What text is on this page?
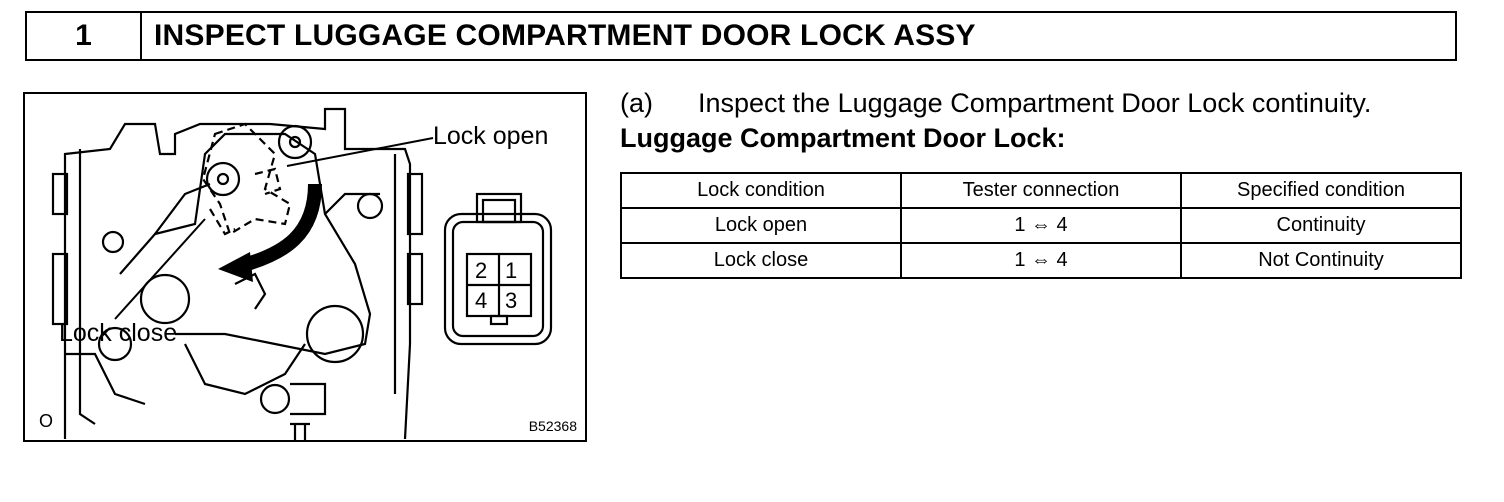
1	INSPECT LUGGAGE COMPARTMENT DOOR LOCK ASSY
Lock open
Lock close
2 1
4 3
O	B52368
(a)	Inspect the Luggage Compartment Door Lock continuity.
Luggage Compartment Door Lock:
Lock condition	Tester connection	Specified condition
Lock open	1 ⇔ 4	Continuity
Lock close	1 ⇔ 4	Not Continuity
